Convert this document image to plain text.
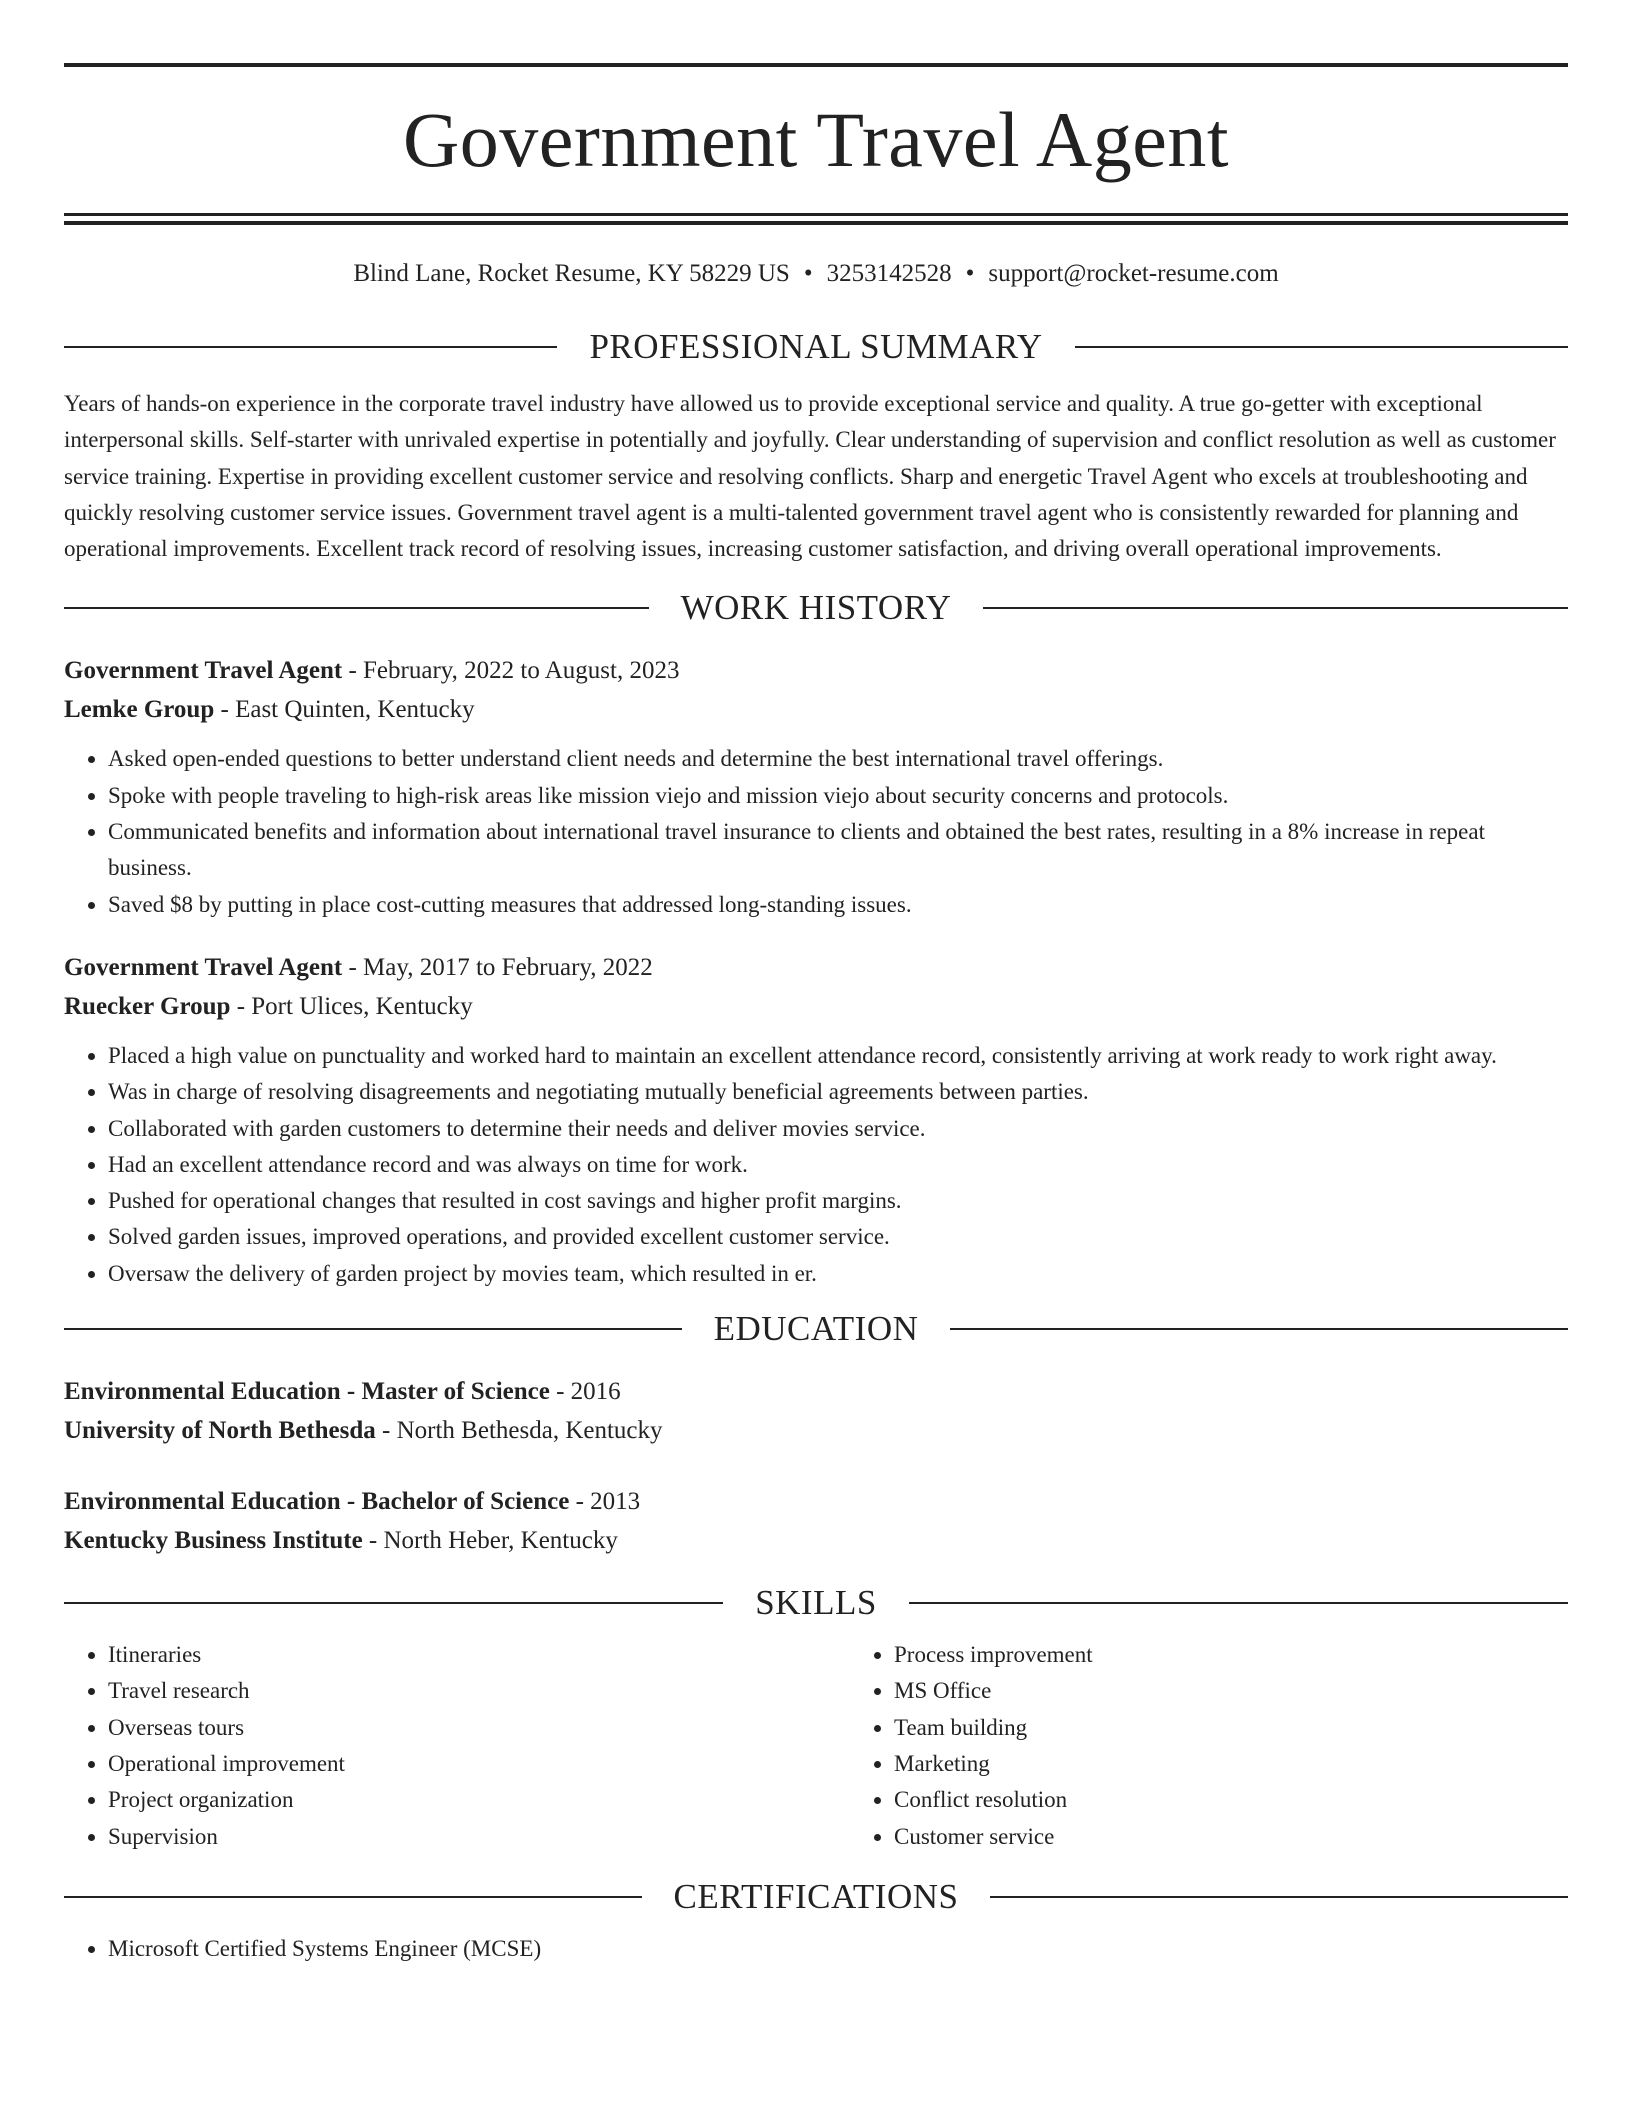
Government Travel Agent
Blind Lane, Rocket Resume, KY 58229 US • 3253142528 • support@rocket-resume.com
PROFESSIONAL SUMMARY

Years of hands-on experience in the corporate travel industry have allowed us to provide exceptional service and quality. A true go-getter with exceptional interpersonal skills. Self-starter with unrivaled expertise in potentially and joyfully. Clear understanding of supervision and conflict resolution as well as customer service training. Expertise in providing excellent customer service and resolving conflicts. Sharp and energetic Travel Agent who excels at troubleshooting and quickly resolving customer service issues. Government travel agent is a multi-talented government travel agent who is consistently rewarded for planning and operational improvements. Excellent track record of resolving issues, increasing customer satisfaction, and driving overall operational improvements.

WORK HISTORY
Government Travel Agent - February, 2022 to August, 2023
Lemke Group - East Quinten, Kentucky
• Asked open-ended questions to better understand client needs and determine the best international travel offerings.
• Spoke with people traveling to high-risk areas like mission viejo and mission viejo about security concerns and protocols.
• Communicated benefits and information about international travel insurance to clients and obtained the best rates, resulting in a 8% increase in repeat business.
• Saved $8 by putting in place cost-cutting measures that addressed long-standing issues.
Government Travel Agent - May, 2017 to February, 2022
Ruecker Group - Port Ulices, Kentucky
• Placed a high value on punctuality and worked hard to maintain an excellent attendance record, consistently arriving at work ready to work right away.
• Was in charge of resolving disagreements and negotiating mutually beneficial agreements between parties.
• Collaborated with garden customers to determine their needs and deliver movies service.
• Had an excellent attendance record and was always on time for work.
• Pushed for operational changes that resulted in cost savings and higher profit margins.
• Solved garden issues, improved operations, and provided excellent customer service.
• Oversaw the delivery of garden project by movies team, which resulted in er.
EDUCATION
Environmental Education - Master of Science - 2016
University of North Bethesda - North Bethesda, Kentucky
Environmental Education - Bachelor of Science - 2013
Kentucky Business Institute - North Heber, Kentucky
SKILLS
• Itineraries
• Travel research
• Overseas tours
• Operational improvement
• Project organization
• Supervision
• Process improvement
• MS Office
• Team building
• Marketing
• Conflict resolution
• Customer service
CERTIFICATIONS
• Microsoft Certified Systems Engineer (MCSE)
